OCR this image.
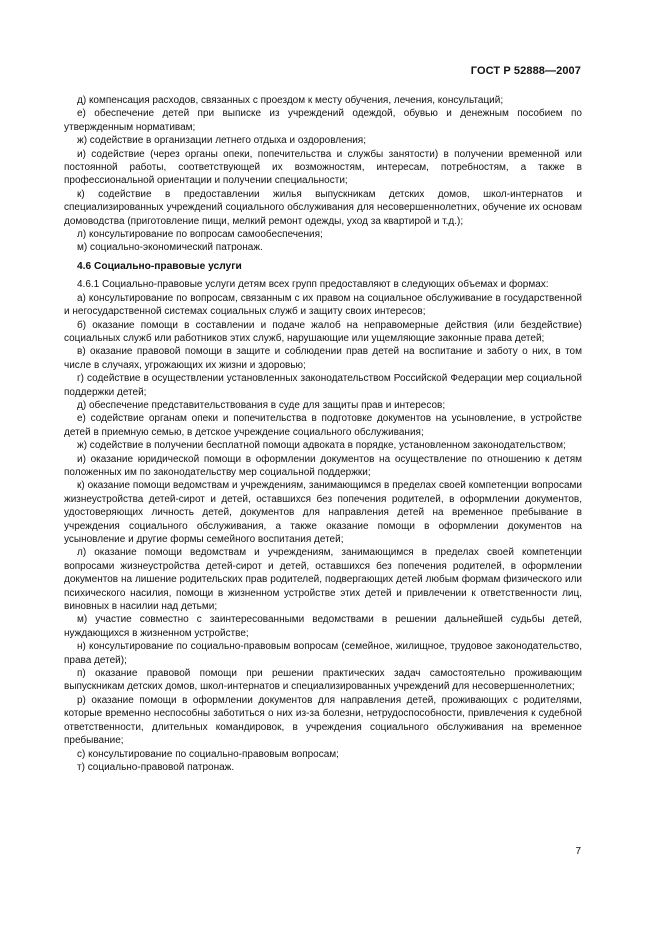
ГОСТ Р 52888—2007

д) компенсация расходов, связанных с проездом к месту обучения, лечения, консультаций;

е) обеспечение детей при выписке из учреждений одеждой, обувью и денежным пособием по утвержденным нормативам;

ж) содействие в организации летнего отдыха и оздоровления;

и) содействие (через органы опеки, попечительства и службы занятости) в получении временной или постоянной работы, соответствующей их возможностям, интересам, потребностям, а также в профессиональной ориентации и получении специальности;

к) содействие в предоставлении жилья выпускникам детских домов, школ-интернатов и специализированных учреждений социального обслуживания для несовершеннолетних, обучение их основам домоводства (приготовление пищи, мелкий ремонт одежды, уход за квартирой и т.д.);

л) консультирование по вопросам самообеспечения;

м) социально-экономический патронаж.

4.6 Социально-правовые услуги

4.6.1 Социально-правовые услуги детям всех групп предоставляют в следующих объемах и формах:

а) консультирование по вопросам, связанным с их правом на социальное обслуживание в государственной и негосударственной системах социальных служб и защиту своих интересов;

б) оказание помощи в составлении и подаче жалоб на неправомерные действия (или бездействие) социальных служб или работников этих служб, нарушающие или ущемляющие законные права детей;

в) оказание правовой помощи в защите и соблюдении прав детей на воспитание и заботу о них, в том числе в случаях, угрожающих их жизни и здоровью;

г) содействие в осуществлении установленных законодательством Российской Федерации мер социальной поддержки детей;

д) обеспечение представительствования в суде для защиты прав и интересов;

е) содействие органам опеки и попечительства в подготовке документов на усыновление, в устройстве детей в приемную семью, в детское учреждение социального обслуживания;

ж) содействие в получении бесплатной помощи адвоката в порядке, установленном законодательством;

и) оказание юридической помощи в оформлении документов на осуществление по отношению к детям положенных им по законодательству мер социальной поддержки;

к) оказание помощи ведомствам и учреждениям, занимающимся в пределах своей компетенции вопросами жизнеустройства детей-сирот и детей, оставшихся без попечения родителей, в оформлении документов, удостоверяющих личность детей, документов для направления детей на временное пребывание в учреждения социального обслуживания, а также оказание помощи в оформлении документов на усыновление и другие формы семейного воспитания детей;

л) оказание помощи ведомствам и учреждениям, занимающимся в пределах своей компетенции вопросами жизнеустройства детей-сирот и детей, оставшихся без попечения родителей, в оформлении документов на лишение родительских прав родителей, подвергающих детей любым формам физического или психического насилия, помощи в жизненном устройстве этих детей и привлечении к ответственности лиц, виновных в насилии над детьми;

м) участие совместно с заинтересованными ведомствами в решении дальнейшей судьбы детей, нуждающихся в жизненном устройстве;

н) консультирование по социально-правовым вопросам (семейное, жилищное, трудовое законодательство, права детей);

п) оказание правовой помощи при решении практических задач самостоятельно проживающим выпускникам детских домов, школ-интернатов и специализированных учреждений для несовершеннолетних;

р) оказание помощи в оформлении документов для направления детей, проживающих с родителями, которые временно неспособны заботиться о них из-за болезни, нетрудоспособности, привлечения к судебной ответственности, длительных командировок, в учреждения социального обслуживания на временное пребывание;

с) консультирование по социально-правовым вопросам;

т) социально-правовой патронаж.

7
